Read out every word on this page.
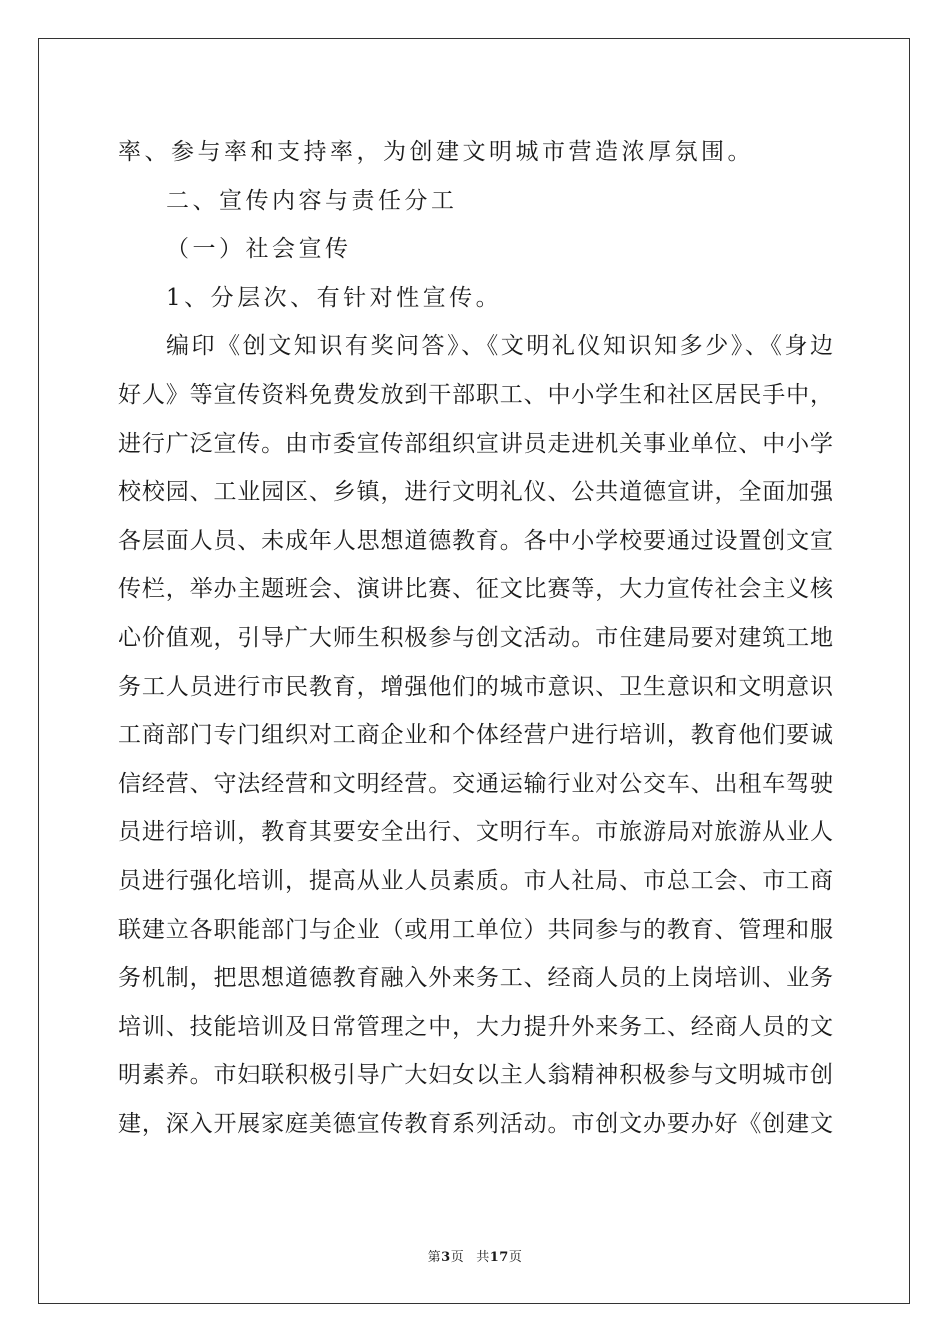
率、参与率和支持率，为创建文明城市营造浓厚氛围。
二、宣传内容与责任分工
（一）社会宣传
1、分层次、有针对性宣传。
编印《创文知识有奖问答》、《文明礼仪知识知多少》、《身边
好人》等宣传资料免费发放到干部职工、中小学生和社区居民手中，
进行广泛宣传。由市委宣传部组织宣讲员走进机关事业单位、中小学
校校园、工业园区、乡镇，进行文明礼仪、公共道德宣讲，全面加强
各层面人员、未成年人思想道德教育。各中小学校要通过设置创文宣
传栏，举办主题班会、演讲比赛、征文比赛等，大力宣传社会主义核
心价值观，引导广大师生积极参与创文活动。市住建局要对建筑工地
务工人员进行市民教育，增强他们的城市意识、卫生意识和文明意识
工商部门专门组织对工商企业和个体经营户进行培训，教育他们要诚
信经营、守法经营和文明经营。交通运输行业对公交车、出租车驾驶
员进行培训，教育其要安全出行、文明行车。市旅游局对旅游从业人
员进行强化培训，提高从业人员素质。市人社局、市总工会、市工商
联建立各职能部门与企业（或用工单位）共同参与的教育、管理和服
务机制，把思想道德教育融入外来务工、经商人员的上岗培训、业务
培训、技能培训及日常管理之中，大力提升外来务工、经商人员的文
明素养。市妇联积极引导广大妇女以主人翁精神积极参与文明城市创
建，深入开展家庭美德宣传教育系列活动。市创文办要办好《创建文
第3页 共17页
